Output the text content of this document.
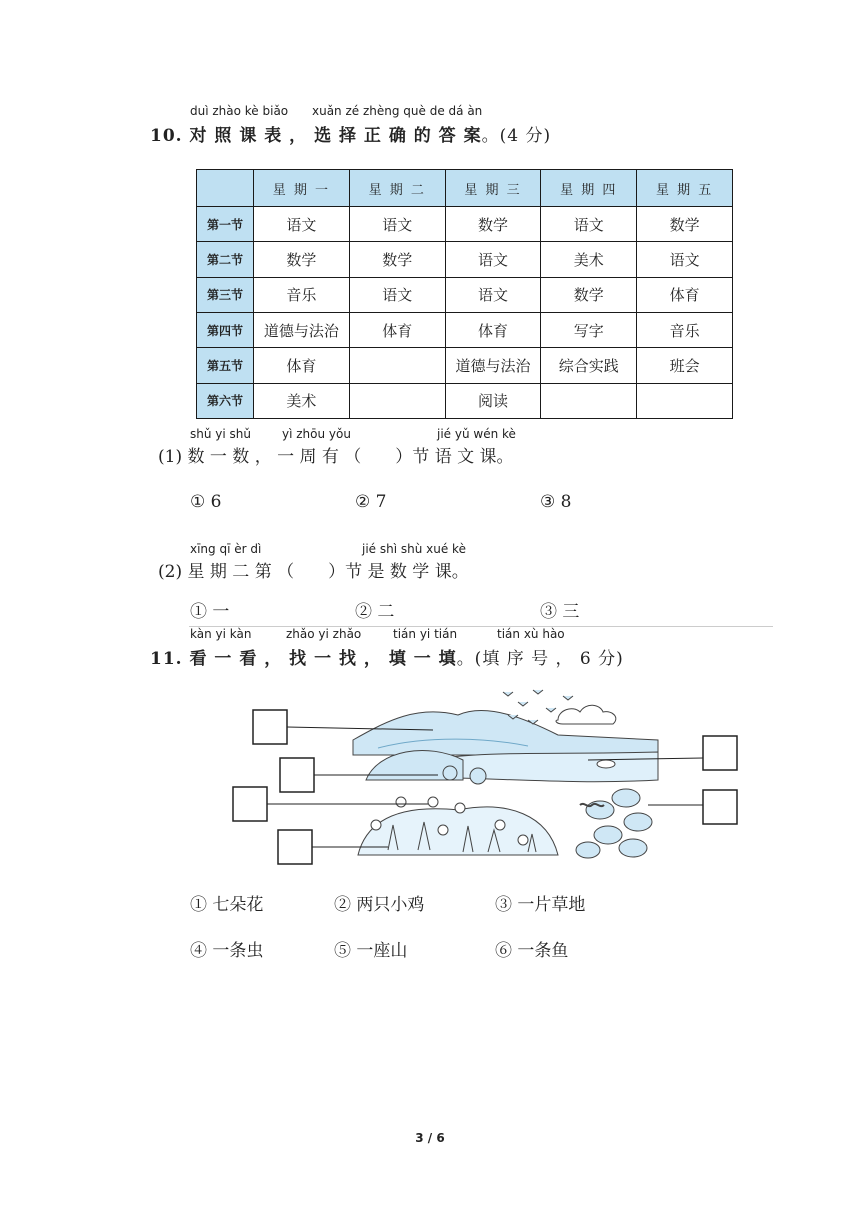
duì zhào kè biǎo xuǎn zé zhèng què de dá àn
10. 对 照 课 表 ， 选 择 正 确 的 答 案。(4 分)
	星 期 一	星 期 二	星 期 三	星 期 四	星 期 五
第一节	语文	语文	数学	语文	数学
第二节	数学	数学	语文	美术	语文
第三节	音乐	语文	语文	数学	体育
第四节	道德与法治	体育	体育	写字	音乐
第五节	体育		道德与法治	综合实践	班会
第六节	美术		阅读		
shǔ yi shǔ	yì zhōu yǒu	jié yǔ wén kè
(1) 数 一 数 ， 一 周 有 （　　）节 语 文 课。
① 6	② 7	③ 8
xīng qī èr dì	jié shì shù xué kè
(2) 星 期 二 第 （　　）节 是 数 学 课。
① 一	② 二	③ 三
kàn yi kàn	zhǎo yi zhǎo	tián yi tián	tián xù hào
11. 看 一 看 ， 找 一 找 ， 填 一 填。(填 序 号 ， 6 分)
① 七朵花	② 两只小鸡	③ 一片草地
④ 一条虫	⑤ 一座山	⑥ 一条鱼
3 / 6
